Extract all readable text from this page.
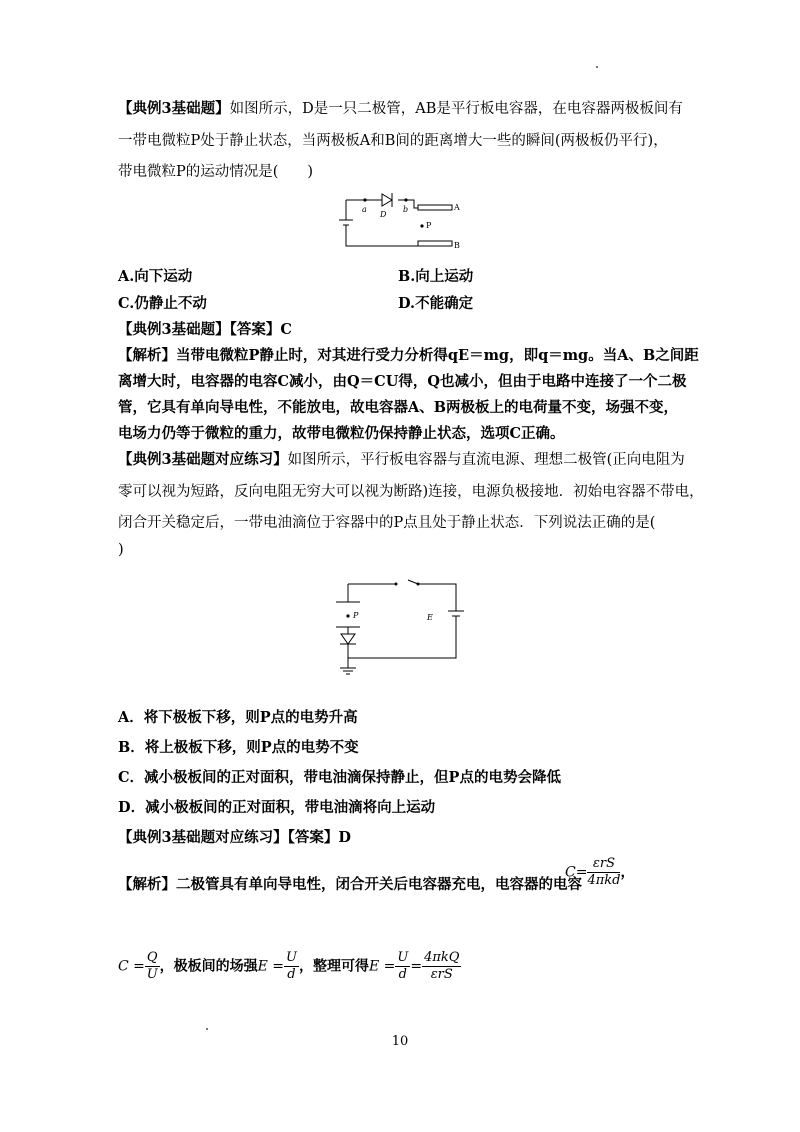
【典例3基础题】如图所示，D是一只二极管，AB是平行板电容器，在电容器两极板间有
一带电微粒P处于静止状态，当两极板A和B间的距离增大一些的瞬间(两极板仍平行)，
带电微粒P的运动情况是(　　)
a	b
D
A
P
B
A.向下运动	B.向上运动
C.仍静止不动	D.不能确定
【典例3基础题】【答案】C
【解析】当带电微粒P静止时，对其进行受力分析得qE＝mg，即q＝mg。当A、B之间距
离增大时，电容器的电容C减小，由Q＝CU得，Q也减小，但由于电路中连接了一个二极
管，它具有单向导电性，不能放电，故电容器A、B两极板上的电荷量不变，场强不变，
电场力仍等于微粒的重力，故带电微粒仍保持静止状态，选项C正确。
【典例3基础题对应练习】如图所示，平行板电容器与直流电源、理想二极管(正向电阻为
零可以视为短路，反向电阻无穷大可以视为断路)连接，电源负极接地．初始电容器不带电，
闭合开关稳定后，一带电油滴位于容器中的P点且处于静止状态．下列说法正确的是(
)
P	E
A．将下极板下移，则P点的电势升高
B．将上极板下移，则P点的电势不变
C．减小极板间的正对面积，带电油滴保持静止，但P点的电势会降低
D．减小极板间的正对面积，带电油滴将向上运动
【典例3基础题对应练习】【答案】D
【解析】二极管具有单向导电性，闭合开关后电容器充电，电容器的电容
$C= \frac{\text{εrS}}{\text{4πkd}}$ ，
$C = \frac{Q}{U}$ ，极板间的场强$E = \frac{U}{d}$ ，整理可得$E = \frac{U}{d} = \frac{\text{4πkQ}}{\text{εrS}}$
10
